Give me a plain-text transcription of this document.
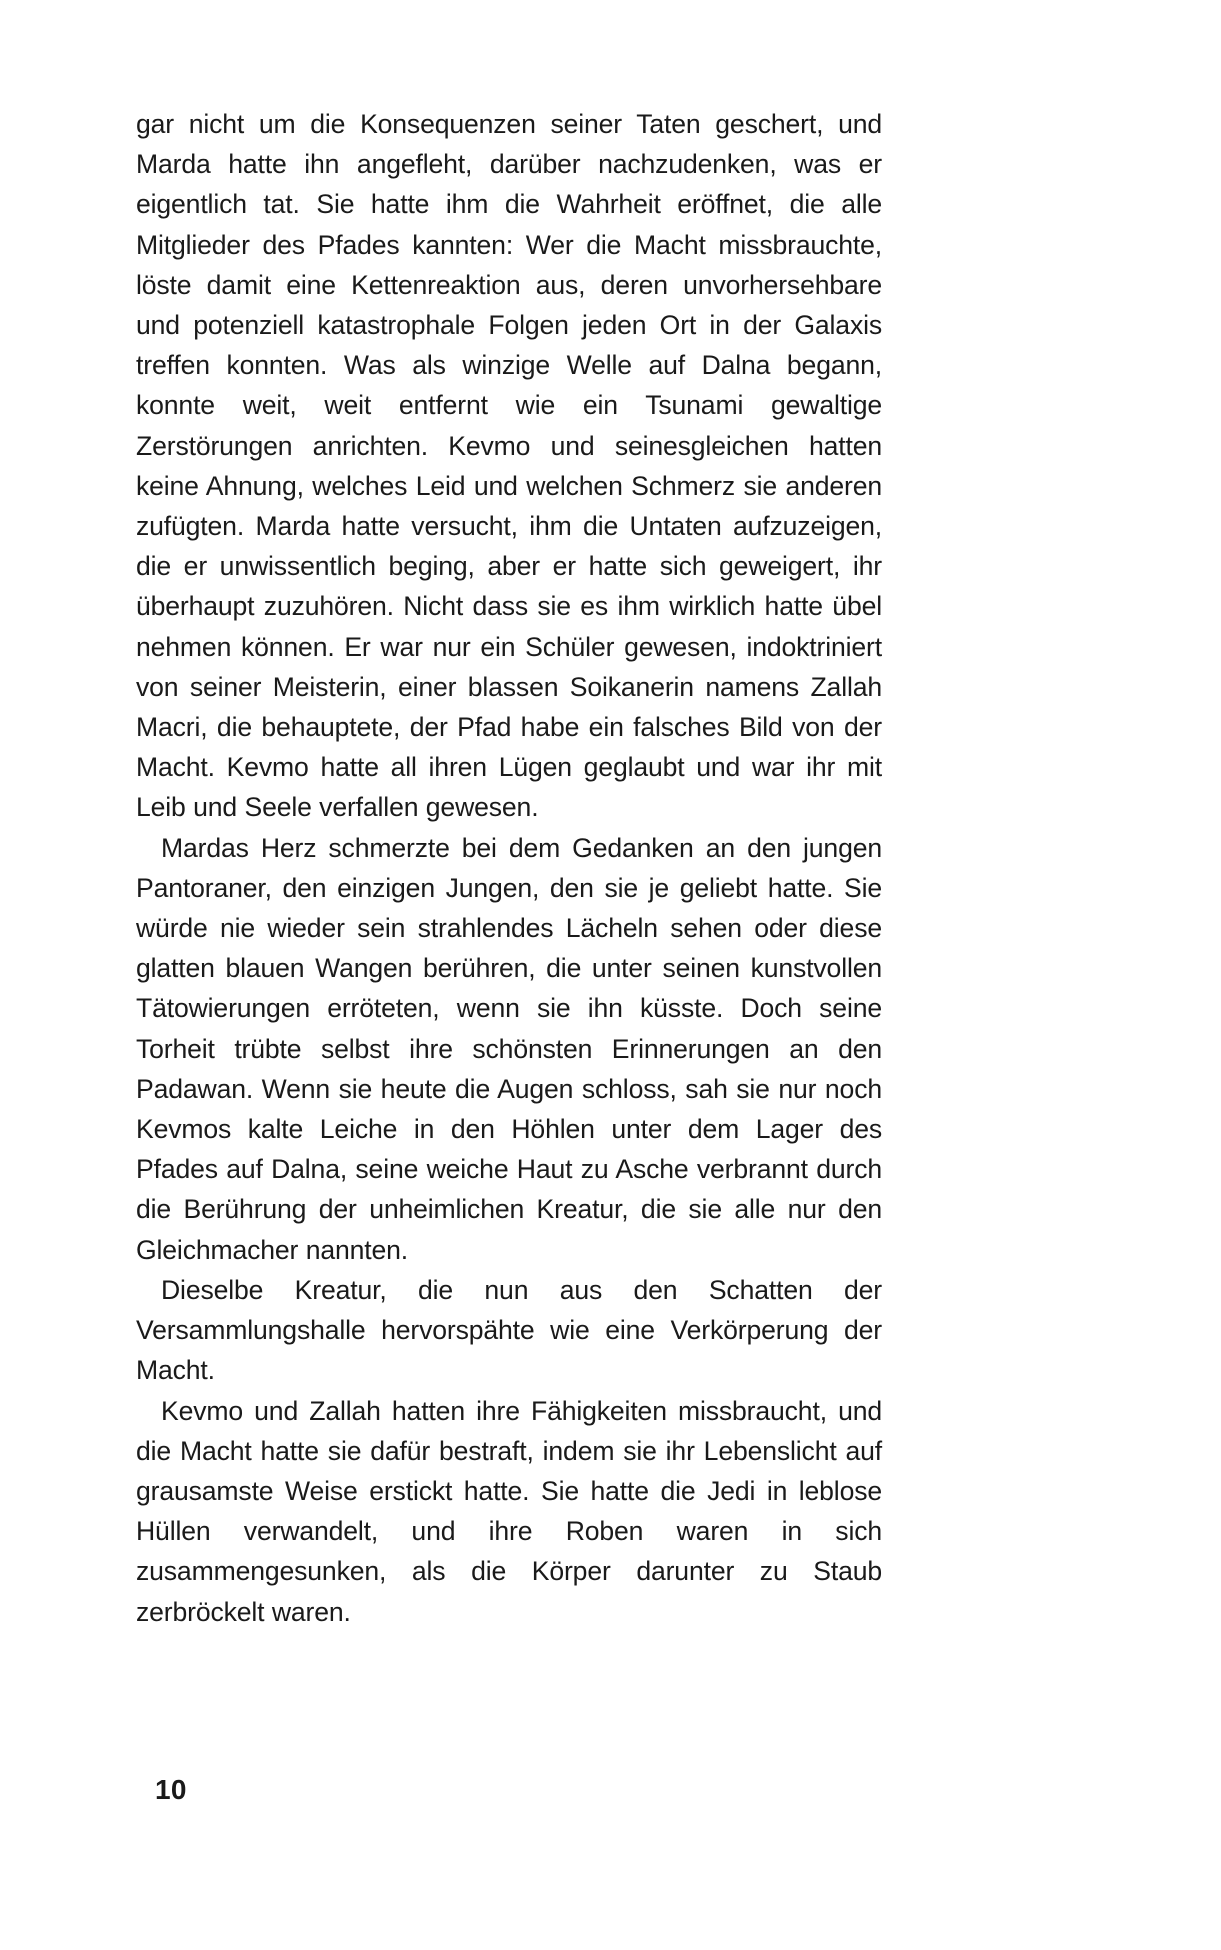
gar nicht um die Konsequenzen seiner Taten geschert, und Marda hatte ihn angefleht, darüber nachzudenken, was er eigentlich tat. Sie hatte ihm die Wahrheit eröffnet, die alle Mitglieder des Pfades kannten: Wer die Macht missbrauchte, löste damit eine Kettenreaktion aus, deren unvorhersehbare und potenziell katastrophale Folgen jeden Ort in der Galaxis treffen konnten. Was als winzige Welle auf Dalna begann, konnte weit, weit entfernt wie ein Tsunami gewaltige Zerstörungen anrichten. Kevmo und seinesgleichen hatten keine Ahnung, welches Leid und welchen Schmerz sie anderen zufügten. Marda hatte versucht, ihm die Untaten aufzuzeigen, die er unwissentlich beging, aber er hatte sich geweigert, ihr überhaupt zuzuhören. Nicht dass sie es ihm wirklich hatte übel nehmen können. Er war nur ein Schüler gewesen, indoktriniert von seiner Meisterin, einer blassen Soikanerin namens Zallah Macri, die behauptete, der Pfad habe ein falsches Bild von der Macht. Kevmo hatte all ihren Lügen geglaubt und war ihr mit Leib und Seele verfallen gewesen.

Mardas Herz schmerzte bei dem Gedanken an den jungen Pantoraner, den einzigen Jungen, den sie je geliebt hatte. Sie würde nie wieder sein strahlendes Lächeln sehen oder diese glatten blauen Wangen berühren, die unter seinen kunstvollen Tätowierungen erröteten, wenn sie ihn küsste. Doch seine Torheit trübte selbst ihre schönsten Erinnerungen an den Padawan. Wenn sie heute die Augen schloss, sah sie nur noch Kevmos kalte Leiche in den Höhlen unter dem Lager des Pfades auf Dalna, seine weiche Haut zu Asche verbrannt durch die Berührung der unheimlichen Kreatur, die sie alle nur den Gleichmacher nannten.

Dieselbe Kreatur, die nun aus den Schatten der Versammlungshalle hervorspähte wie eine Verkörperung der Macht.

Kevmo und Zallah hatten ihre Fähigkeiten missbraucht, und die Macht hatte sie dafür bestraft, indem sie ihr Lebenslicht auf grausamste Weise erstickt hatte. Sie hatte die Jedi in leblose Hüllen verwandelt, und ihre Roben waren in sich zusammengesunken, als die Körper darunter zu Staub zerbröckelt waren.

10
